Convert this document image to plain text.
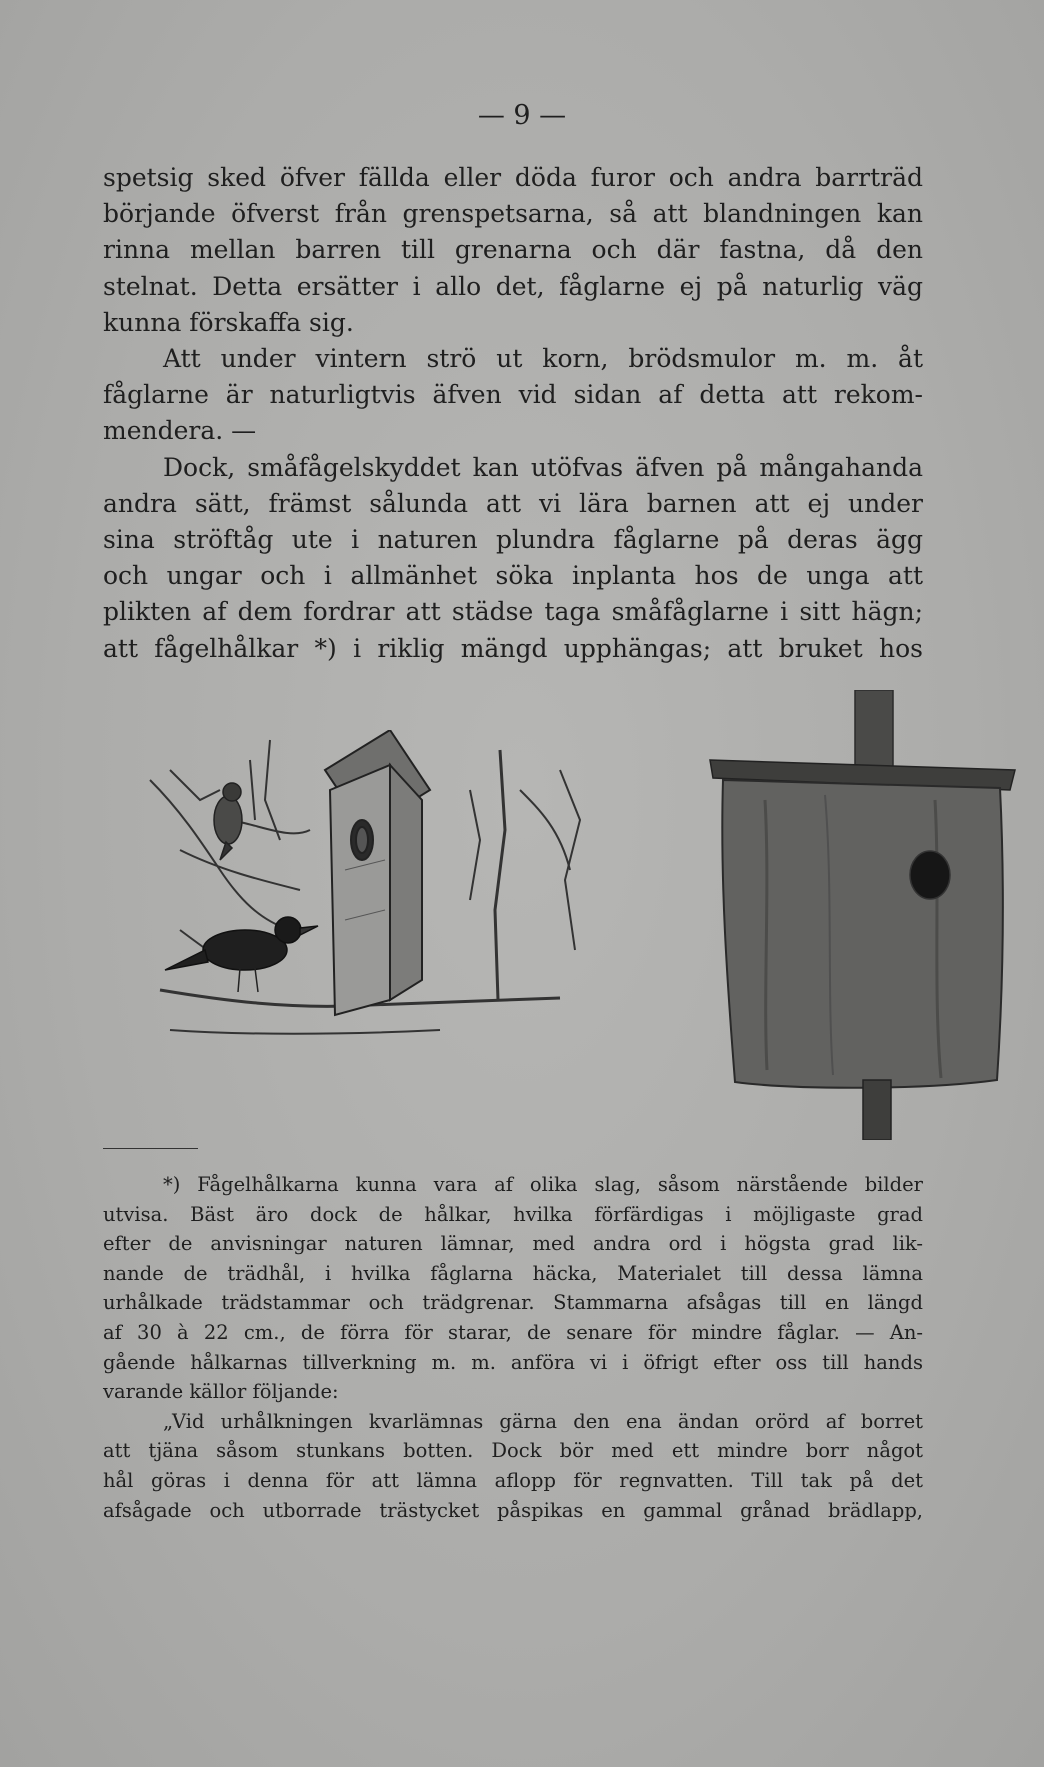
— 9 —
spetsig sked öfver fällda eller döda furor och andra barrträd
börjande öfverst från grenspetsarna, så att blandningen kan
rinna mellan barren till grenarna och där fastna, då den
stelnat. Detta ersätter i allo det, fåglarne ej på naturlig väg
kunna förskaffa sig.
Att under vintern strö ut korn, brödsmulor m. m. åt
fåglarne är naturligtvis äfven vid sidan af detta att rekom-
mendera. —
Dock, småfågelskyddet kan utöfvas äfven på mångahanda
andra sätt, främst sålunda att vi lära barnen att ej under
sina ströftåg ute i naturen plundra fåglarne på deras ägg
och ungar och i allmänhet söka inplanta hos de unga att
plikten af dem fordrar att städse taga småfåglarne i sitt hägn;
att fågelhålkar *) i riklig mängd upphängas; att bruket hos
*) Fågelhålkarna kunna vara af olika slag, såsom närstående bilder
utvisa. Bäst äro dock de hålkar, hvilka förfärdigas i möjligaste grad
efter de anvisningar naturen lämnar, med andra ord i högsta grad lik-
nande de trädhål, i hvilka fåglarna häcka, Materialet till dessa lämna
urhålkade trädstammar och trädgrenar. Stammarna afsågas till en längd
af 30 à 22 cm., de förra för starar, de senare för mindre fåglar. — An-
gående hålkarnas tillverkning m. m. anföra vi i öfrigt efter oss till hands
varande källor följande:
„Vid urhålkningen kvarlämnas gärna den ena ändan orörd af borret
att tjäna såsom stunkans botten. Dock bör med ett mindre borr något
hål göras i denna för att lämna aflopp för regnvatten. Till tak på det
afsågade och utborrade trästycket påspikas en gammal grånad brädlapp,
